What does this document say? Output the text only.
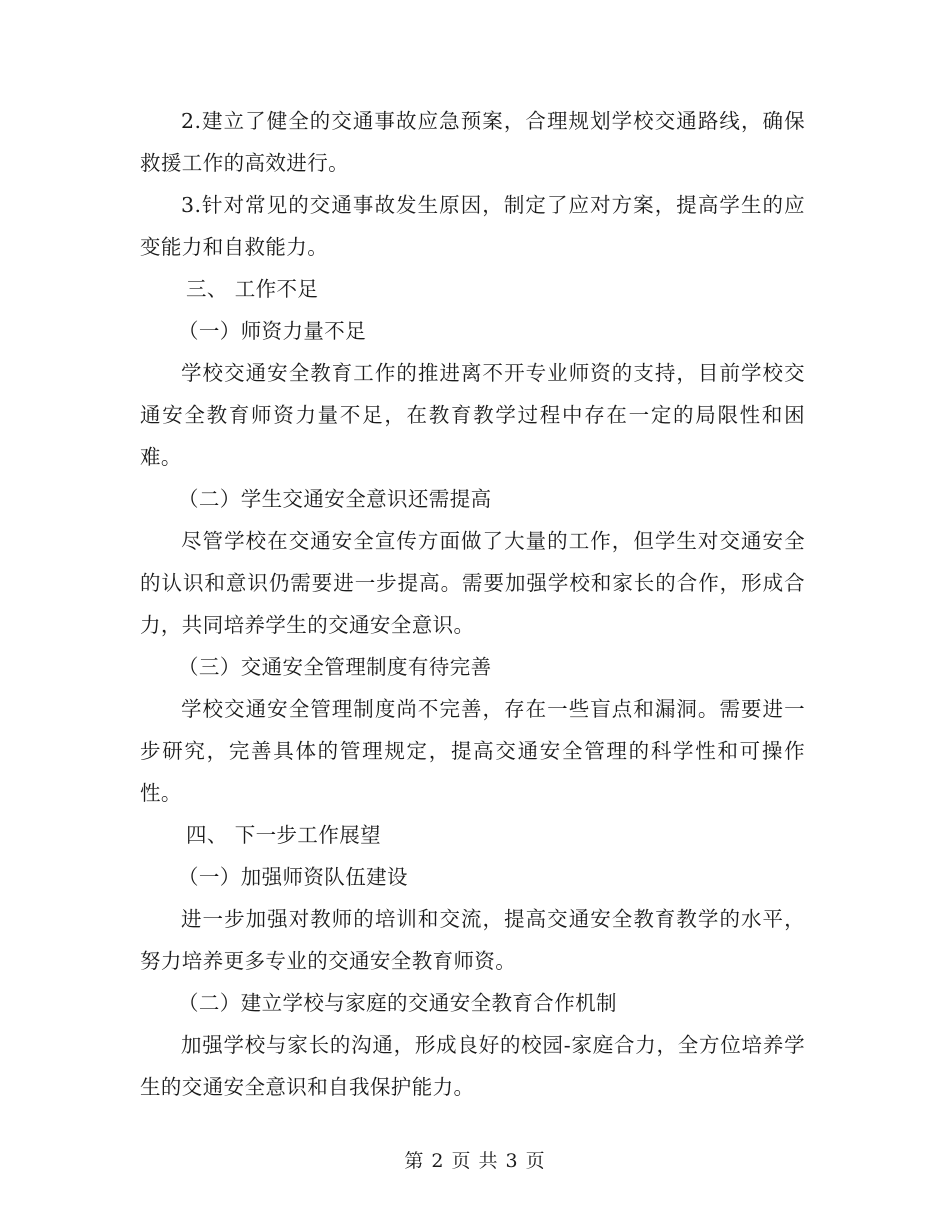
2.建立了健全的交通事故应急预案，合理规划学校交通路线，确保救援工作的高效进行。

3.针对常见的交通事故发生原因，制定了应对方案，提高学生的应变能力和自救能力。

三、 工作不足

（一）师资力量不足

学校交通安全教育工作的推进离不开专业师资的支持，目前学校交通安全教育师资力量不足，在教育教学过程中存在一定的局限性和困难。

（二）学生交通安全意识还需提高

尽管学校在交通安全宣传方面做了大量的工作，但学生对交通安全的认识和意识仍需要进一步提高。需要加强学校和家长的合作，形成合力，共同培养学生的交通安全意识。

（三）交通安全管理制度有待完善

学校交通安全管理制度尚不完善，存在一些盲点和漏洞。需要进一步研究，完善具体的管理规定，提高交通安全管理的科学性和可操作性。

四、 下一步工作展望

（一）加强师资队伍建设

进一步加强对教师的培训和交流，提高交通安全教育教学的水平，努力培养更多专业的交通安全教育师资。

（二）建立学校与家庭的交通安全教育合作机制

加强学校与家长的沟通，形成良好的校园-家庭合力，全方位培养学生的交通安全意识和自我保护能力。

第 2 页 共 3 页
